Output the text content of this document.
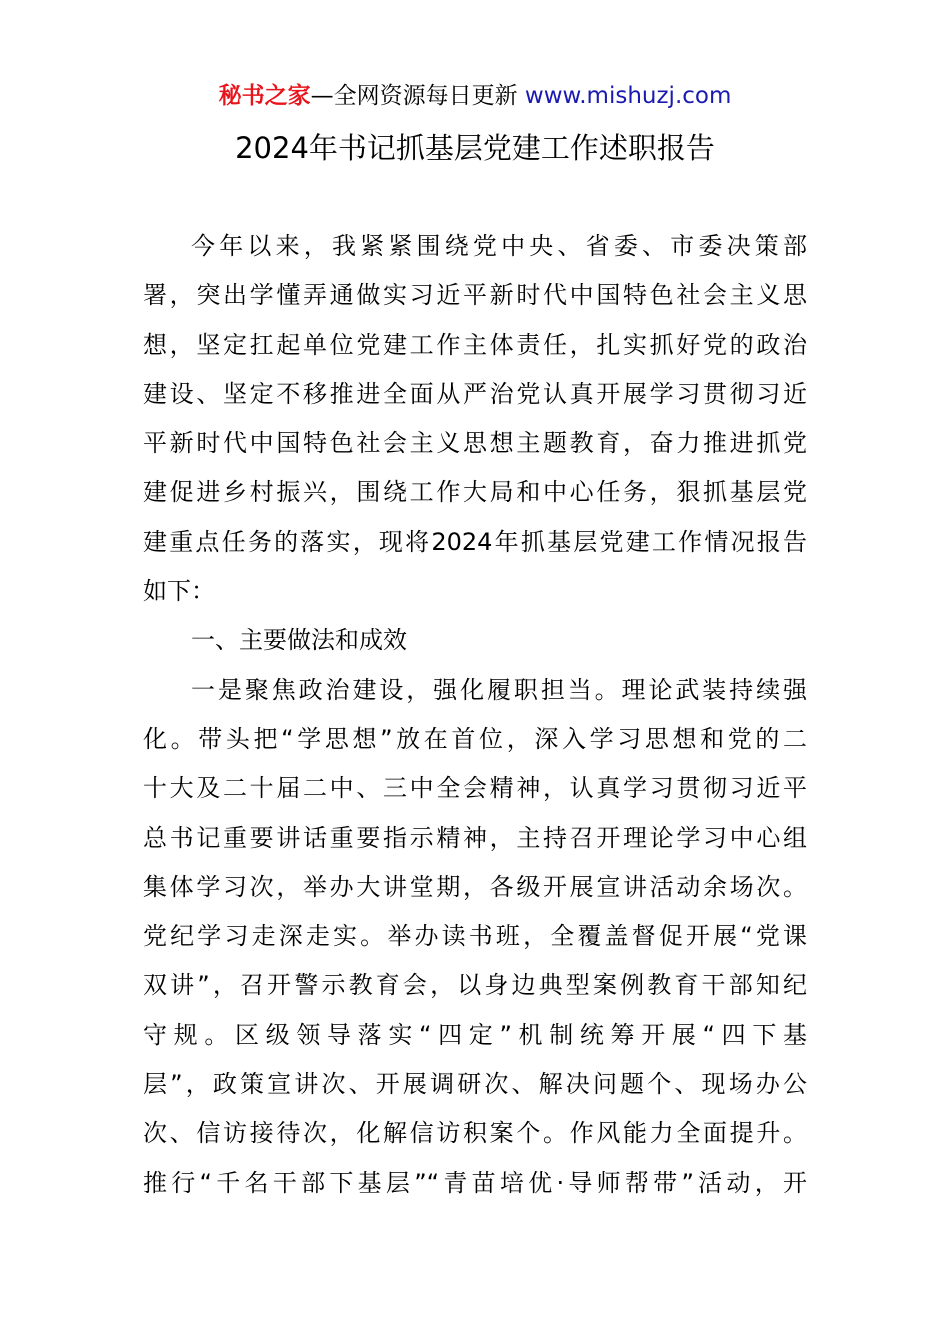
秘书之家—全网资源每日更新 www.mishuzj.com
2024年书记抓基层党建工作述职报告
今年以来，我紧紧围绕党中央、省委、市委决策部
署，突出学懂弄通做实习近平新时代中国特色社会主义思
想，坚定扛起单位党建工作主体责任，扎实抓好党的政治
建设、坚定不移推进全面从严治党认真开展学习贯彻习近
平新时代中国特色社会主义思想主题教育，奋力推进抓党
建促进乡村振兴，围绕工作大局和中心任务，狠抓基层党
建重点任务的落实，现将2024年抓基层党建工作情况报告
如下：
一、主要做法和成效
一是聚焦政治建设，强化履职担当。理论武装持续强
化。带头把“学思想”放在首位，深入学习思想和党的二
十大及二十届二中、三中全会精神，认真学习贯彻习近平
总书记重要讲话重要指示精神，主持召开理论学习中心组
集体学习次，举办大讲堂期，各级开展宣讲活动余场次。
党纪学习走深走实。举办读书班，全覆盖督促开展“党课
双讲”，召开警示教育会，以身边典型案例教育干部知纪
守规。区级领导落实“四定”机制统筹开展“四下基
层”，政策宣讲次、开展调研次、解决问题个、现场办公
次、信访接待次，化解信访积案个。作风能力全面提升。
推行“千名干部下基层”“青苗培优·导师帮带”活动，开
